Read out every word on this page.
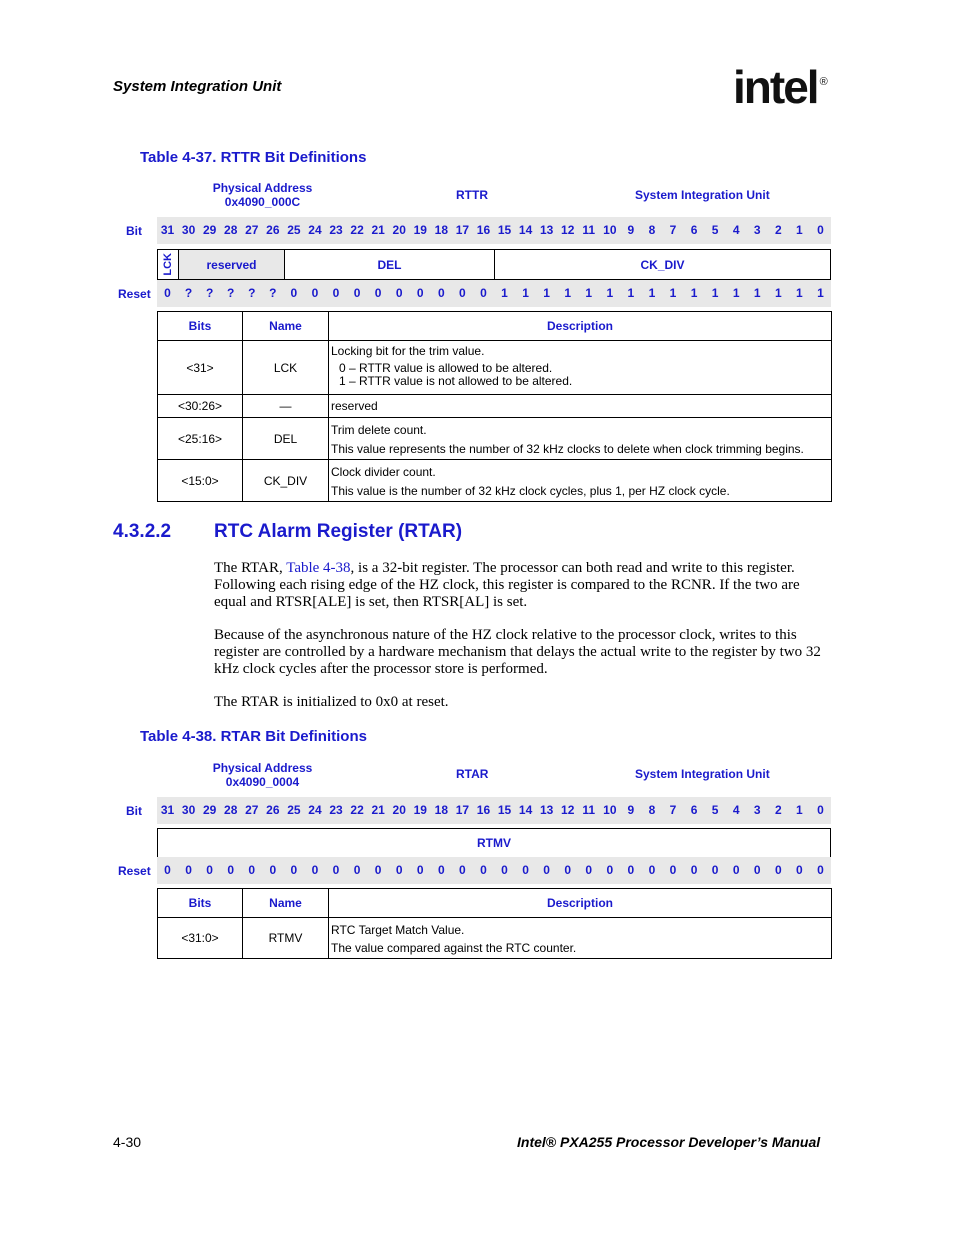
System Integration Unit	intel ®
Table 4-37. RTTR Bit Definitions
Physical Address
0x4090_000C	RTTR	System Integration Unit
Bit	31 30 29 28 27 26 25 24 23 22 21 20 19 18 17 16 15 14 13 12 11 10 9	8	7	6	5	4	3	2	1	0
LCK	reserved	DEL	CK_DIV
Reset	0	?	?	?	?	?	0	0	0	0	0	0	0	0	0	0	1	1	1	1	1	1	1	1	1	1	1	1	1	1	1	1
Bits	Name	Description
<31>	LCK	Locking bit for the trim value.
0 – RTTR value is allowed to be altered.
1 – RTTR value is not allowed to be altered.

<30:26>	—	reserved
<25:16>	DEL	Trim delete count.
This value represents the number of 32 kHz clocks to delete when clock trimming begins.

<15:0>	CK_DIV	Clock divider count.
This value is the number of 32 kHz clock cycles, plus 1, per HZ clock cycle.
4.3.2.2 RTC Alarm Register (RTAR)
The RTAR, Table 4-38, is a 32-bit register. The processor can both read and write to this register. Following each rising edge of the HZ clock, this register is compared to the RCNR. If the two are equal and RTSR[ALE] is set, then RTSR[AL] is set.
Because of the asynchronous nature of the HZ clock relative to the processor clock, writes to this register are controlled by a hardware mechanism that delays the actual write to the register by two 32 kHz clock cycles after the processor store is performed.
The RTAR is initialized to 0x0 at reset.
Table 4-38. RTAR Bit Definitions
Physical Address
0x4090_0004
RTAR	System Integration Unit
Bit	31 30 29 28 27 26 25 24 23 22 21 20 19 18 17 16 15 14 13 12 11 10 9	8	7	6	5	4	3	2	1	0
RTMV
Reset	0	0	0	0	0	0	0	0	0	0	0	0	0	0	0	0	0	0	0	0	0	0	0	0	0	0	0	0	0	0	0	0
Bits	Name	Description
<31:0>	RTMV	RTC Target Match Value.
The value compared against the RTC counter.
4-30	Intel® PXA255 Processor Developer’s Manual
